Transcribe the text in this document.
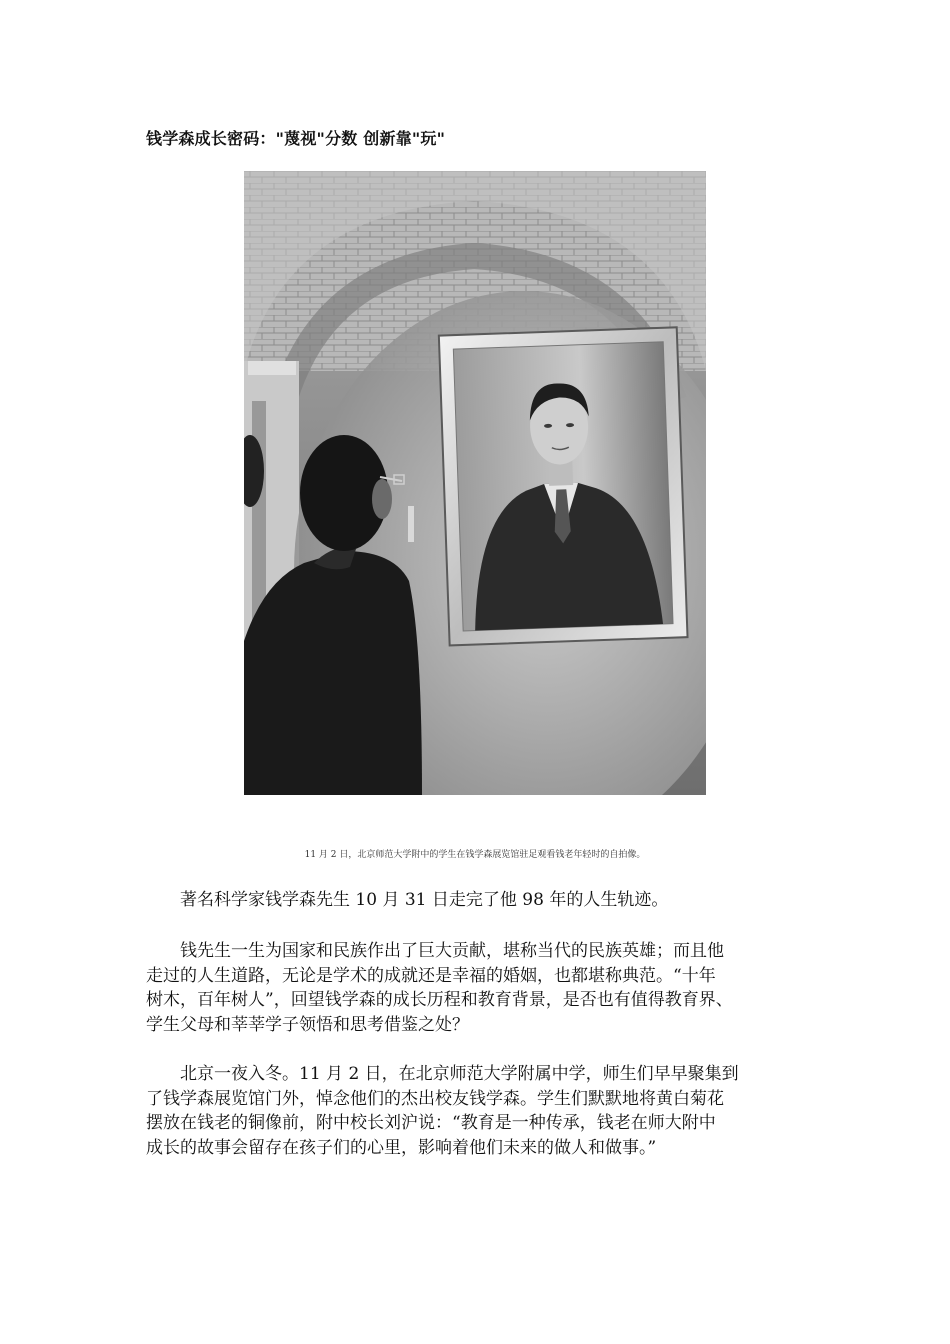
钱学森成长密码："蔑视"分数 创新靠"玩"
11 月 2 日，北京师范大学附中的学生在钱学森展览馆驻足观看钱老年轻时的自拍像。

　　著名科学家钱学森先生 10 月 31 日走完了他 98 年的人生轨迹。

　　钱先生一生为国家和民族作出了巨大贡献，堪称当代的民族英雄；而且他
走过的人生道路，无论是学术的成就还是幸福的婚姻，也都堪称典范。“十年
树木，百年树人”，回望钱学森的成长历程和教育背景，是否也有值得教育界、
学生父母和莘莘学子领悟和思考借鉴之处？

　　北京一夜入冬。11 月 2 日，在北京师范大学附属中学，师生们早早聚集到
了钱学森展览馆门外，悼念他们的杰出校友钱学森。学生们默默地将黄白菊花
摆放在钱老的铜像前，附中校长刘沪说：“教育是一种传承，钱老在师大附中
成长的故事会留存在孩子们的心里，影响着他们未来的做人和做事。”
